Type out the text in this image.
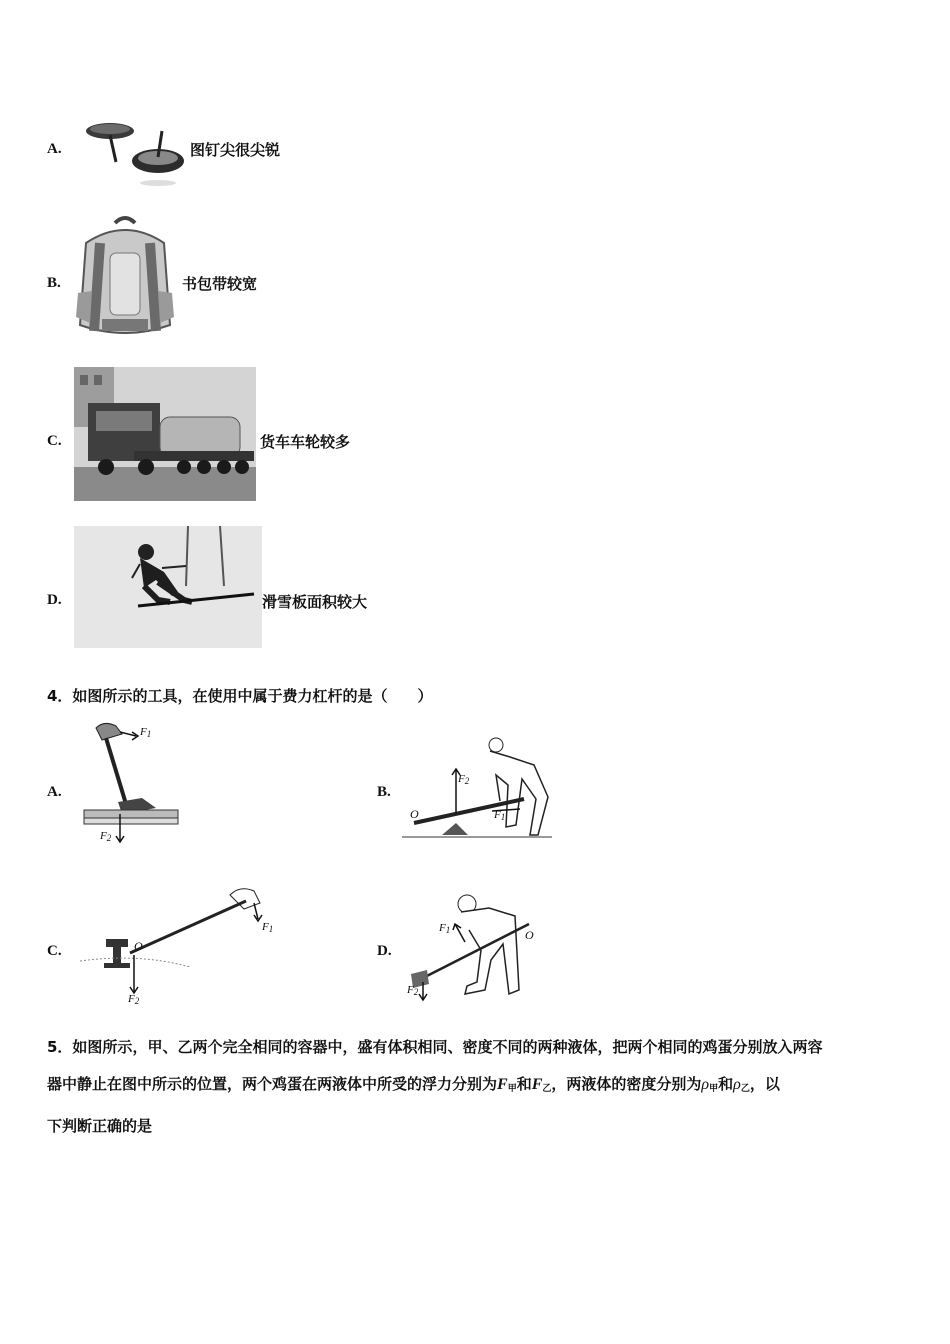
A.	图钉尖很尖锐
B.	书包带较宽
C.	货车车轮较多
D.	滑雪板面积较大
4．如图所示的工具，在使用中属于费力杠杆的是（　　）
A.
$F_1$
$F_2$
B.
$F_2$
$F_1$
O
C.
$F_1$
$F_2$
O	D.
$F_1$
$F_2$
O
5．如图所示，甲、乙两个完全相同的容器中，盛有体积相同、密度不同的两种液体，把两个相同的鸡蛋分别放入两容
器中静止在图中所示的位置，两个鸡蛋在两液体中所受的浮力分别为$F_甲$和$F_乙$，两液体的密度分别为$\rho_甲$和$\rho_乙$，以
下判断正确的是
